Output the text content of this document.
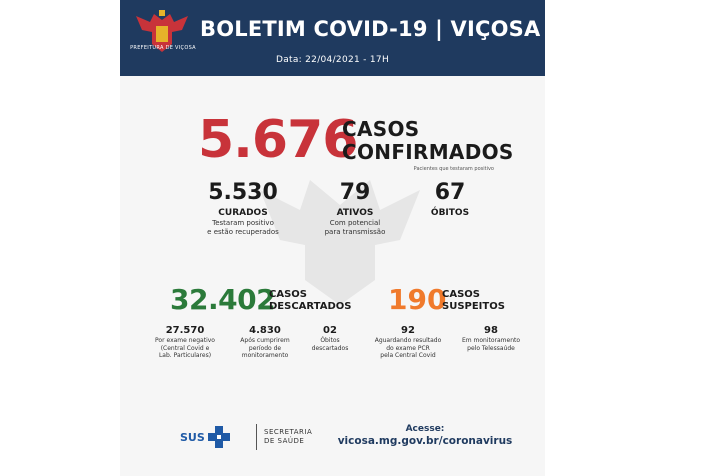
PREFEITURA DE VIÇOSA
BOLETIM COVID-19 | VIÇOSA (MG)
Data: 22/04/2021 - 17H
5.676
CASOS
CONFIRMADOS
Pacientes que testaram positivo
5.530
CURADOS
Testaram positivo
e estão recuperados
79
ATIVOS
Com potencial
para transmissão
67
ÓBITOS
32.402
CASOS
DESCARTADOS 190
CASOS
SUSPEITOS
27.570
Por exame negativo
(Central Covid e
Lab. Particulares)
4.830
Após cumprirem
período de
monitoramento
02
Óbitos
descartados
92
Aguardando resultado
do exame PCR
pela Central Covid
98
Em monitoramento
pelo Telessaúde
SUS	SECRETARIA
DE SAÚDE
Acesse:
vicosa.mg.gov.br/coronavirus
